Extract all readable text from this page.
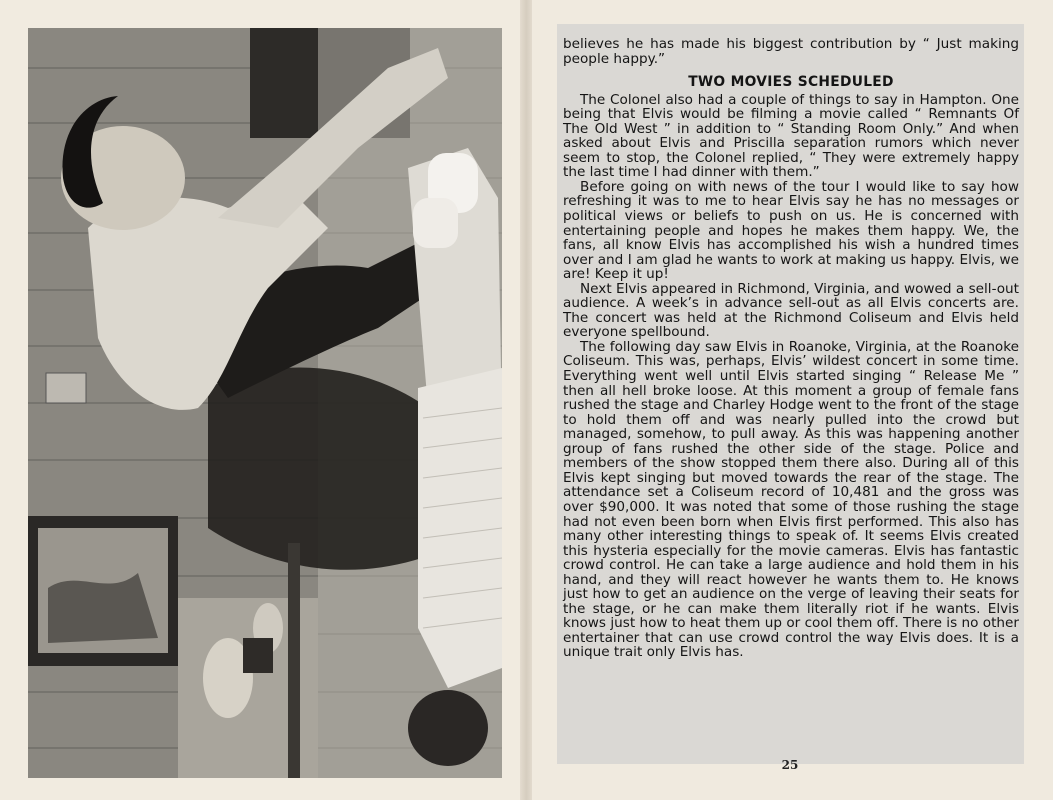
believes he has made his biggest contribution by “ Just making people happy.”

TWO MOVIES SCHEDULED

The Colonel also had a couple of things to say in Hampton. One being that Elvis would be filming a movie called “ Remnants Of The Old West ” in addition to “ Standing Room Only.” And when asked about Elvis and Priscilla separation rumors which never seem to stop, the Colonel replied, “ They were extremely happy the last time I had dinner with them.”

Before going on with news of the tour I would like to say how refreshing it was to me to hear Elvis say he has no messages or political views or beliefs to push on us. He is concerned with entertaining people and hopes he makes them happy. We, the fans, all know Elvis has accomplished his wish a hundred times over and I am glad he wants to work at making us happy. Elvis, we are! Keep it up!

Next Elvis appeared in Richmond, Virginia, and wowed a sell-out audience. A week’s in advance sell-out as all Elvis concerts are. The concert was held at the Richmond Coliseum and Elvis held everyone spellbound.

The following day saw Elvis in Roanoke, Virginia, at the Roanoke Coliseum. This was, perhaps, Elvis’ wildest concert in some time. Everything went well until Elvis started singing “ Release Me ” then all hell broke loose. At this moment a group of female fans rushed the stage and Charley Hodge went to the front of the stage to hold them off and was nearly pulled into the crowd but managed, somehow, to pull away. As this was happening another group of fans rushed the other side of the stage. Police and members of the show stopped them there also. During all of this Elvis kept singing but moved towards the rear of the stage. The attendance set a Coliseum record of 10,481 and the gross was over $90,000. It was noted that some of those rushing the stage had not even been born when Elvis first performed. This also has many other interesting things to speak of. It seems Elvis created this hysteria especially for the movie cameras. Elvis has fantastic crowd control. He can take a large audience and hold them in his hand, and they will react however he wants them to. He knows just how to get an audience on the verge of leaving their seats for the stage, or he can make them literally riot if he wants. Elvis knows just how to heat them up or cool them off. There is no other entertainer that can use crowd control the way Elvis does. It is a unique trait only Elvis has.

25
